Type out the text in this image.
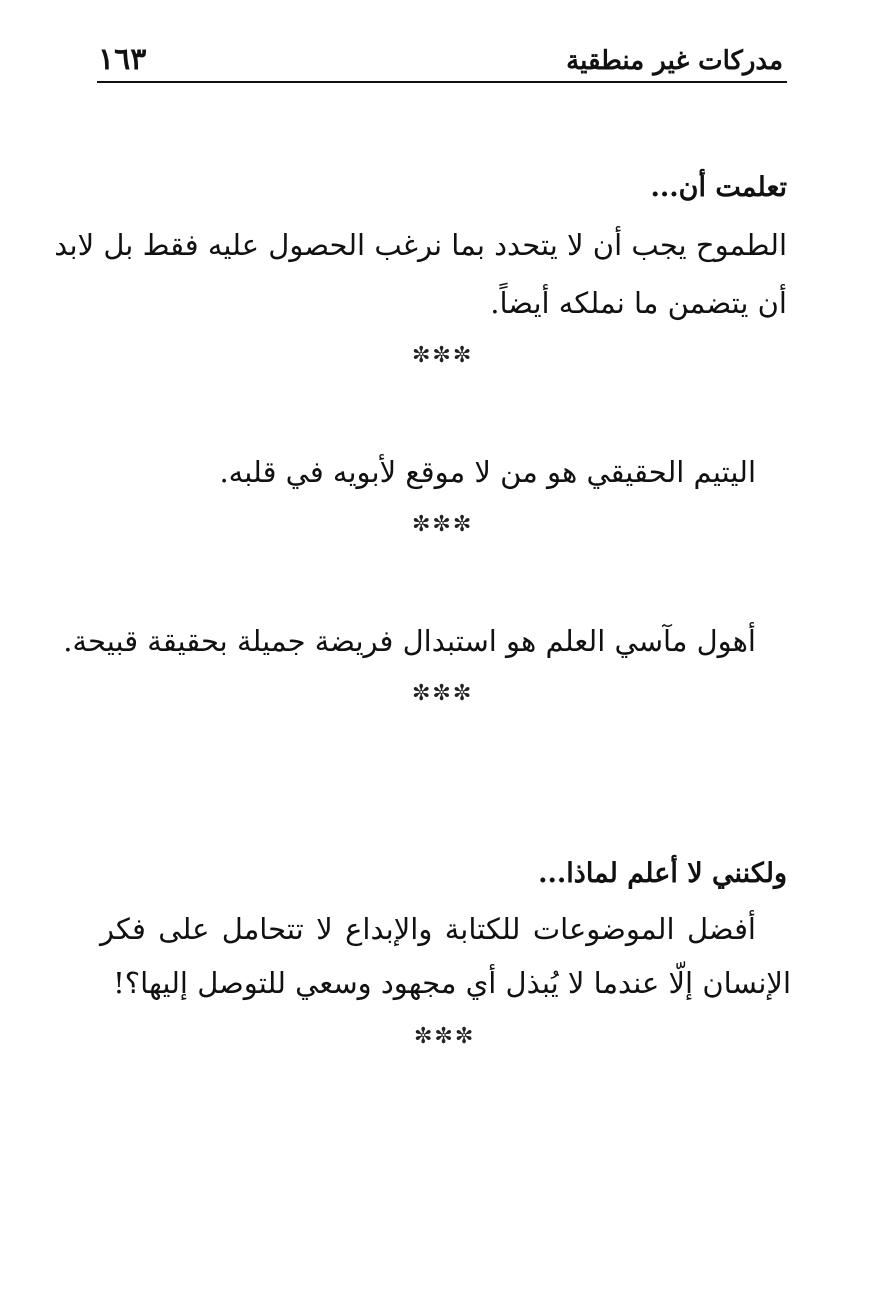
مدركات غير منطقية
١٦٣
تعلمت أن...
الطموح يجب أن لا يتحدد بما نرغب الحصول عليه فقط بل لابد
أن يتضمن ما نملكه أيضاً.
✼✼✼
اليتيم الحقيقي هو من لا موقع لأبويه في قلبه.
✼✼✼
أهول مآسي العلم هو استبدال فريضة جميلة بحقيقة قبيحة.
✼✼✼
ولكنني لا أعلم لماذا...
أفضل الموضوعات للكتابة والإبداع لا تتحامل على فكر
الإنسان إلّا عندما لا يُبذل أي مجهود وسعي للتوصل إليها؟!
✼✼✼
